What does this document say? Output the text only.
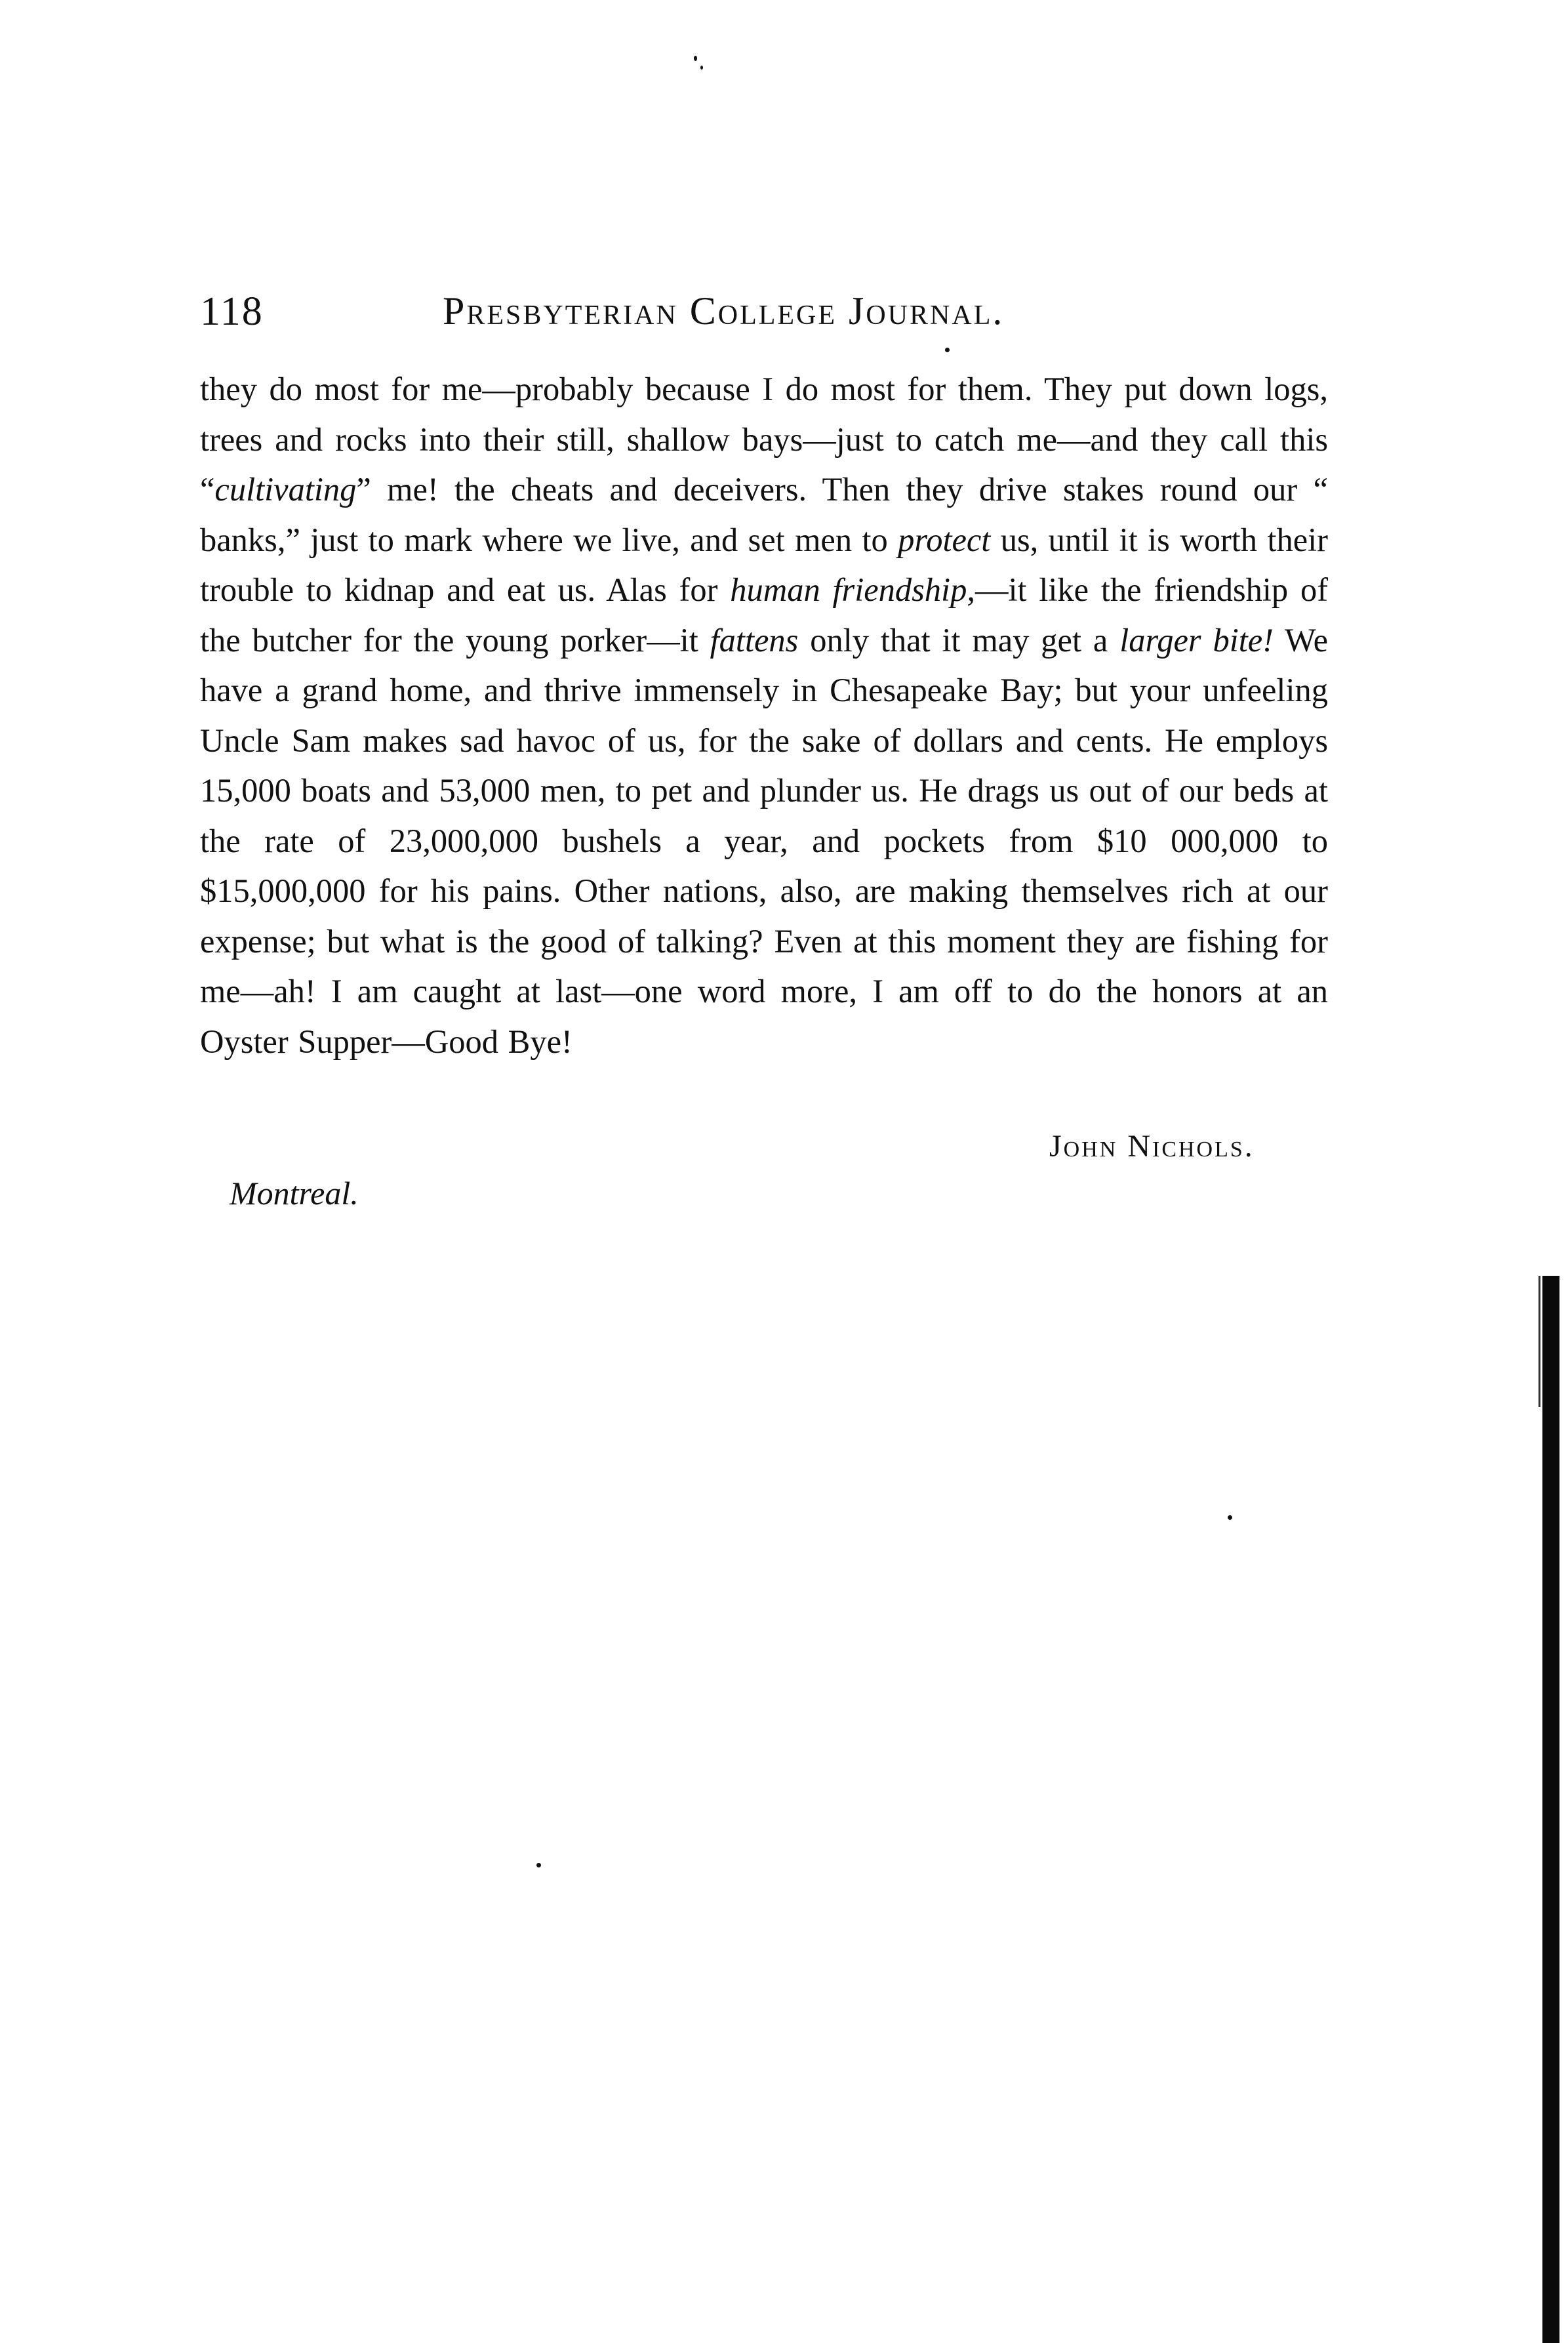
118	Presbyterian College Journal.

they do most for me—probably because I do most for them. They put down logs, trees and rocks into their still, shallow bays—just to catch me—and they call this “cultivating” me! the cheats and deceivers. Then they drive stakes round our “ banks,” just to mark where we live, and set men to protect us, until it is worth their trouble to kidnap and eat us. Alas for human friendship,—it like the friendship of the butcher for the young porker—it fattens only that it may get a larger bite! We have a grand home, and thrive immensely in Chesapeake Bay; but your unfeeling Uncle Sam makes sad havoc of us, for the sake of dollars and cents. He employs 15,000 boats and 53,000 men, to pet and plunder us. He drags us out of our beds at the rate of 23,000,000 bushels a year, and pockets from $10 000,000 to $15,000,000 for his pains. Other nations, also, are making themselves rich at our expense; but what is the good of talking? Even at this moment they are fishing for me—ah! I am caught at last—one word more, I am off to do the honors at an Oyster Supper—Good Bye!

John Nichols.
Montreal.
